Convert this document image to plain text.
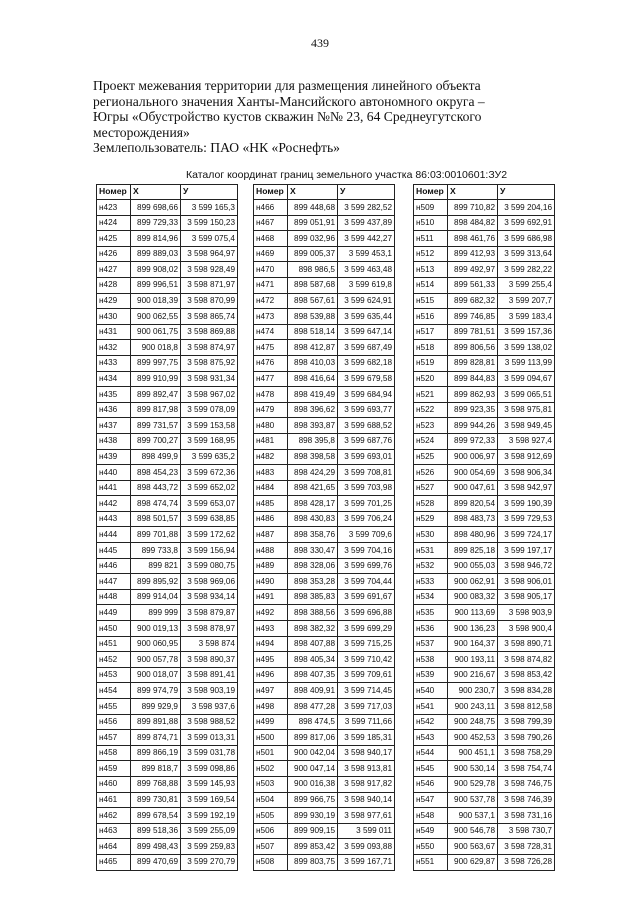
439
Проект межевания территории для размещения линейного объекта
регионального значения Ханты-Мансийского автономного округа –
Югры «Обустройство кустов скважин №№ 23, 64 Среднеугутского
месторождения»
Землепользователь: ПАО «НК «Роснефть»
Каталог координат границ земельного участка 86:03:0010601:ЗУ2
Номер	X	У
н423	899 698,66	3 599 165,3
н424	899 729,33	3 599 150,23
н425	899 814,96	3 599 075,4
н426	899 889,03	3 598 964,97
н427	899 908,02	3 598 928,49
н428	899 996,51	3 598 871,97
н429	900 018,39	3 598 870,99
н430	900 062,55	3 598 865,74
н431	900 061,75	3 598 869,88
н432	900 018,8	3 598 874,97
н433	899 997,75	3 598 875,92
н434	899 910,99	3 598 931,34
н435	899 892,47	3 598 967,02
н436	899 817,98	3 599 078,09
н437	899 731,57	3 599 153,58
н438	899 700,27	3 599 168,95
н439	898 499,9	3 599 635,2
н440	898 454,23	3 599 672,36
н441	898 443,72	3 599 652,02
н442	898 474,74	3 599 653,07
н443	898 501,57	3 599 638,85
н444	899 701,88	3 599 172,62
н445	899 733,8	3 599 156,94
н446	899 821	3 599 080,75
н447	899 895,92	3 598 969,06
н448	899 914,04	3 598 934,14
н449	899 999	3 598 879,87
н450	900 019,13	3 598 878,97
н451	900 060,95	3 598 874
н452	900 057,78	3 598 890,37
н453	900 018,07	3 598 891,41
н454	899 974,79	3 598 903,19
н455	899 929,9	3 598 937,6
н456	899 891,88	3 598 988,52
н457	899 874,71	3 599 013,31
н458	899 866,19	3 599 031,78
н459	899 818,7	3 599 098,86
н460	899 768,88	3 599 145,93
н461	899 730,81	3 599 169,54
н462	899 678,54	3 599 192,19
н463	899 518,36	3 599 255,09
н464	899 498,43	3 599 259,83
н465	899 470,69	3 599 270,79
Номер	X	У
н466	899 448,68	3 599 282,52
н467	899 051,91	3 599 437,89
н468	899 032,96	3 599 442,27
н469	899 005,37	3 599 453,1
н470	898 986,5	3 599 463,48
н471	898 587,68	3 599 619,8
н472	898 567,61	3 599 624,91
н473	898 539,88	3 599 635,44
н474	898 518,14	3 599 647,14
н475	898 412,87	3 599 687,49
н476	898 410,03	3 599 682,18
н477	898 416,64	3 599 679,58
н478	898 419,49	3 599 684,94
н479	898 396,62	3 599 693,77
н480	898 393,87	3 599 688,52
н481	898 395,8	3 599 687,76
н482	898 398,58	3 599 693,01
н483	898 424,29	3 599 708,81
н484	898 421,65	3 599 703,98
н485	898 428,17	3 599 701,25
н486	898 430,83	3 599 706,24
н487	898 358,76	3 599 709,6
н488	898 330,47	3 599 704,16
н489	898 328,06	3 599 699,76
н490	898 353,28	3 599 704,44
н491	898 385,83	3 599 691,67
н492	898 388,56	3 599 696,88
н493	898 382,32	3 599 699,29
н494	898 407,88	3 599 715,25
н495	898 405,34	3 599 710,42
н496	898 407,35	3 599 709,61
н497	898 409,91	3 599 714,45
н498	898 477,28	3 599 717,03
н499	898 474,5	3 599 711,66
н500	899 817,06	3 599 185,31
н501	900 042,04	3 598 940,17
н502	900 047,14	3 598 913,81
н503	900 016,38	3 598 917,82
н504	899 966,75	3 598 940,14
н505	899 930,19	3 598 977,61
н506	899 909,15	3 599 011
н507	899 853,42	3 599 093,88
н508	899 803,75	3 599 167,71
Номер	X	У
н509	899 710,82	3 599 204,16
н510	898 484,82	3 599 692,91
н511	898 461,76	3 599 686,98
н512	899 412,93	3 599 313,64
н513	899 492,97	3 599 282,22
н514	899 561,33	3 599 255,4
н515	899 682,32	3 599 207,7
н516	899 746,85	3 599 183,4
н517	899 781,51	3 599 157,36
н518	899 806,56	3 599 138,02
н519	899 828,81	3 599 113,99
н520	899 844,83	3 599 094,67
н521	899 862,93	3 599 065,51
н522	899 923,35	3 598 975,81
н523	899 944,26	3 598 949,45
н524	899 972,33	3 598 927,4
н525	900 006,97	3 598 912,69
н526	900 054,69	3 598 906,34
н527	900 047,61	3 598 942,97
н528	899 820,54	3 599 190,39
н529	898 483,73	3 599 729,53
н530	898 480,96	3 599 724,17
н531	899 825,18	3 599 197,17
н532	900 055,03	3 598 946,72
н533	900 062,91	3 598 906,01
н534	900 083,32	3 598 905,17
н535	900 113,69	3 598 903,9
н536	900 136,23	3 598 900,4
н537	900 164,37	3 598 890,71
н538	900 193,11	3 598 874,82
н539	900 216,67	3 598 853,42
н540	900 230,7	3 598 834,28
н541	900 243,11	3 598 812,58
н542	900 248,75	3 598 799,39
н543	900 452,53	3 598 790,26
н544	900 451,1	3 598 758,29
н545	900 530,14	3 598 754,74
н546	900 529,78	3 598 746,75
н547	900 537,78	3 598 746,39
н548	900 537,1	3 598 731,16
н549	900 546,78	3 598 730,7
н550	900 563,67	3 598 728,31
н551	900 629,87	3 598 726,28
